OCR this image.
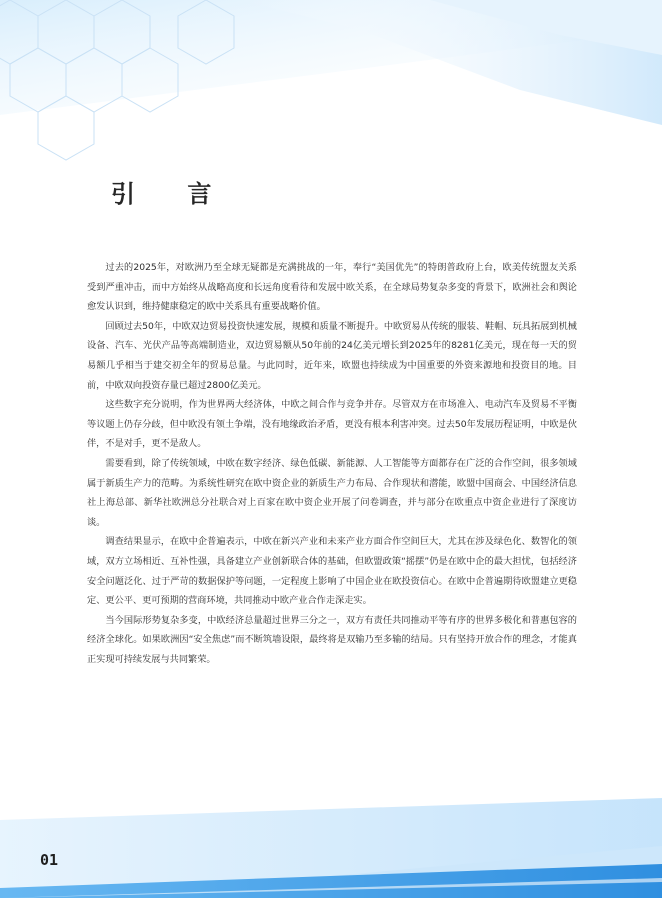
引 言

过去的2025年，对欧洲乃至全球无疑都是充满挑战的一年，奉行“美国优先”的特朗普政府上台，欧美传统盟友关系受到严重冲击，而中方始终从战略高度和长远角度看待和发展中欧关系，在全球局势复杂多变的背景下，欧洲社会和舆论愈发认识到，维持健康稳定的欧中关系具有重要战略价值。

回顾过去50年，中欧双边贸易投资快速发展，规模和质量不断提升。中欧贸易从传统的服装、鞋帽、玩具拓展到机械设备、汽车、光伏产品等高端制造业，双边贸易额从50年前的24亿美元增长到2025年的8281亿美元，现在每一天的贸易额几乎相当于建交初全年的贸易总量。与此同时，近年来，欧盟也持续成为中国重要的外资来源地和投资目的地。目前，中欧双向投资存量已超过2800亿美元。

这些数字充分说明，作为世界两大经济体，中欧之间合作与竞争并存。尽管双方在市场准入、电动汽车及贸易不平衡等议题上仍存分歧，但中欧没有领土争端，没有地缘政治矛盾，更没有根本利害冲突。过去50年发展历程证明，中欧是伙伴，不是对手，更不是敌人。

需要看到，除了传统领域，中欧在数字经济、绿色低碳、新能源、人工智能等方面都存在广泛的合作空间，很多领域属于新质生产力的范畴。为系统性研究在欧中资企业的新质生产力布局、合作现状和潜能，欧盟中国商会、中国经济信息社上海总部、新华社欧洲总分社联合对上百家在欧中资企业开展了问卷调查，并与部分在欧重点中资企业进行了深度访谈。

调查结果显示，在欧中企普遍表示，中欧在新兴产业和未来产业方面合作空间巨大，尤其在涉及绿色化、数智化的领域，双方立场相近、互补性强，具备建立产业创新联合体的基础，但欧盟政策“摇摆”仍是在欧中企的最大担忧，包括经济安全问题泛化、过于严苛的数据保护等问题，一定程度上影响了中国企业在欧投资信心。在欧中企普遍期待欧盟建立更稳定、更公平、更可预期的营商环境，共同推动中欧产业合作走深走实。

当今国际形势复杂多变，中欧经济总量超过世界三分之一，双方有责任共同推动平等有序的世界多极化和普惠包容的经济全球化。如果欧洲因“安全焦虑”而不断筑墙设限，最终将是双输乃至多输的结局。只有坚持开放合作的理念，才能真正实现可持续发展与共同繁荣。

01
